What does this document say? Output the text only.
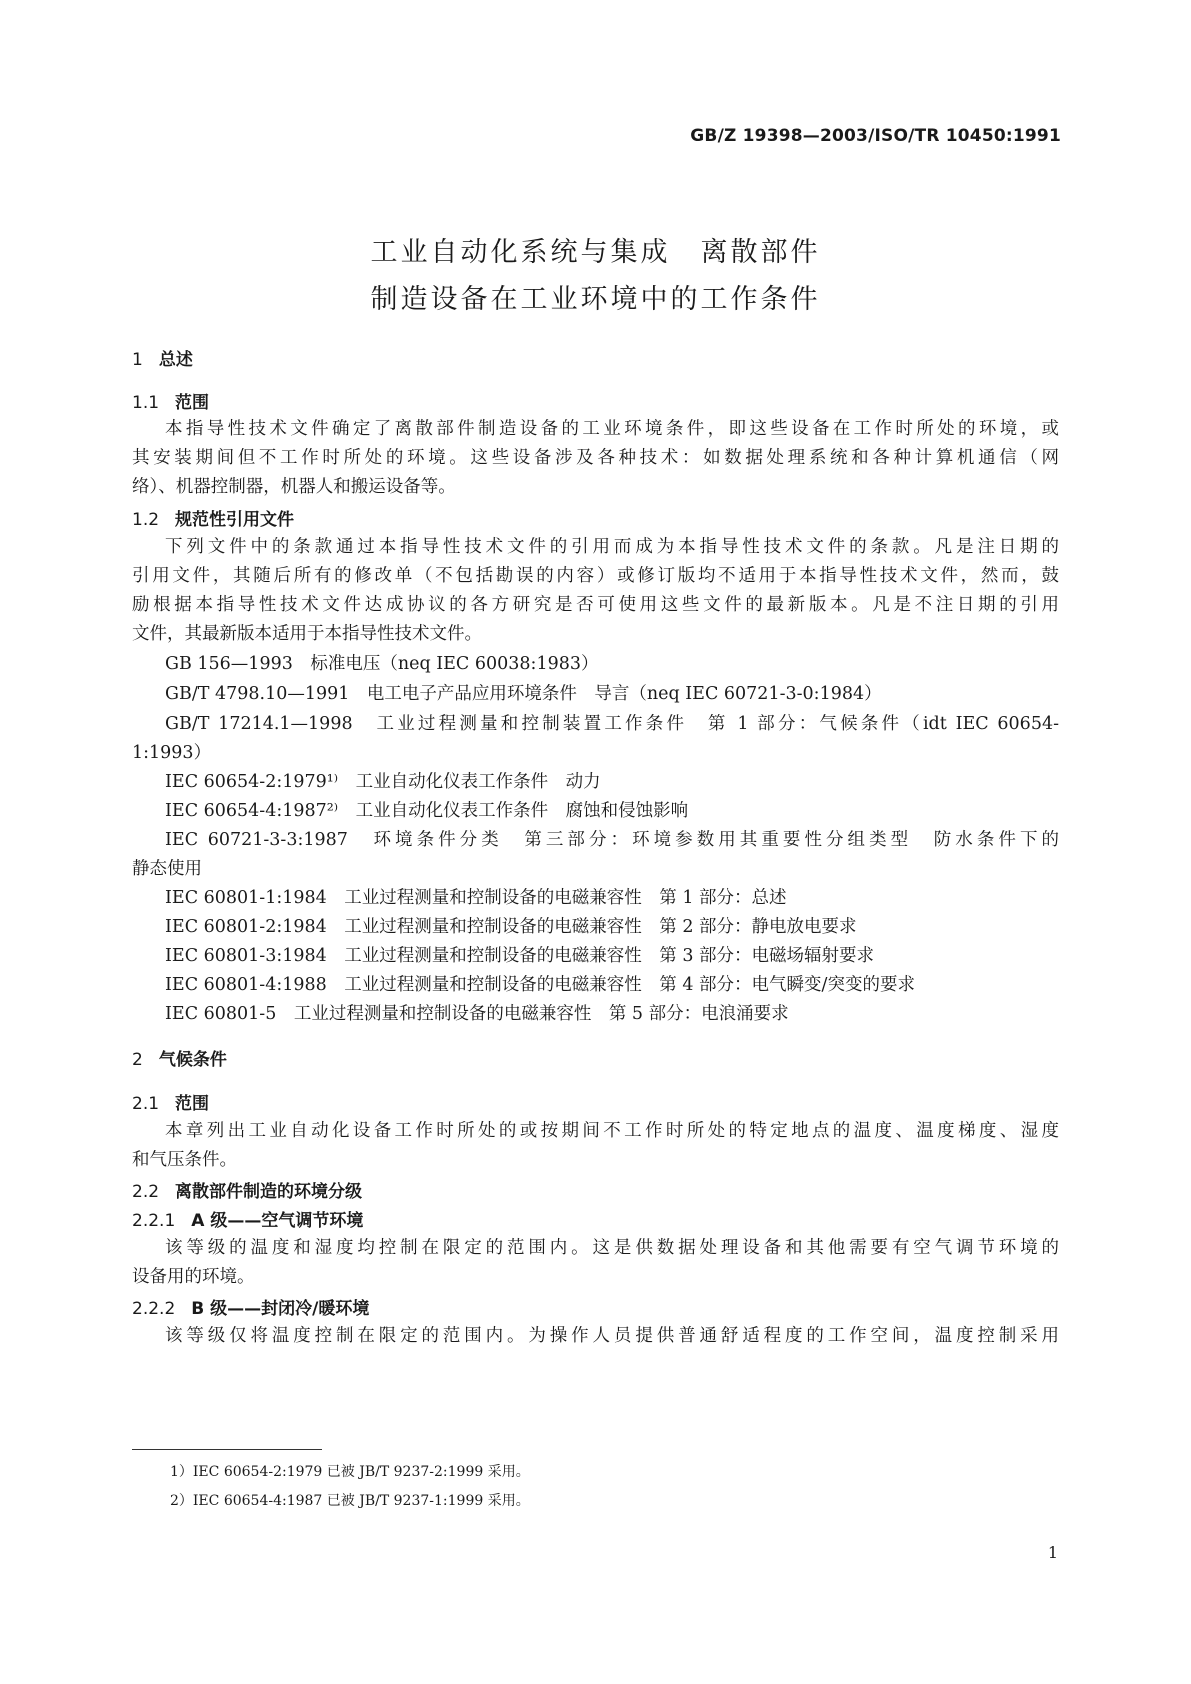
GB/Z 19398—2003/ISO/TR 10450:1991
工业自动化系统与集成　离散部件
制造设备在工业环境中的工作条件
1 总述
1.1 范围
本指导性技术文件确定了离散部件制造设备的工业环境条件，即这些设备在工作时所处的环境，或
其安装期间但不工作时所处的环境。这些设备涉及各种技术：如数据处理系统和各种计算机通信（网
络）、机器控制器，机器人和搬运设备等。
1.2 规范性引用文件
下列文件中的条款通过本指导性技术文件的引用而成为本指导性技术文件的条款。凡是注日期的
引用文件，其随后所有的修改单（不包括勘误的内容）或修订版均不适用于本指导性技术文件，然而，鼓
励根据本指导性技术文件达成协议的各方研究是否可使用这些文件的最新版本。凡是不注日期的引用
文件，其最新版本适用于本指导性技术文件。
GB 156—1993　标准电压（neq IEC 60038:1983）
GB/T 4798.10—1991　电工电子产品应用环境条件　导言（neq IEC 60721-3-0:1984）
GB/T 17214.1—1998　工业过程测量和控制装置工作条件　第 1 部分：气候条件（idt IEC 60654-
1:1993）
IEC 60654-2:1979¹⁾　工业自动化仪表工作条件　动力
IEC 60654-4:1987²⁾　工业自动化仪表工作条件　腐蚀和侵蚀影响
IEC 60721-3-3:1987　环境条件分类　第三部分：环境参数用其重要性分组类型　防水条件下的
静态使用
IEC 60801-1:1984　工业过程测量和控制设备的电磁兼容性　第 1 部分：总述
IEC 60801-2:1984　工业过程测量和控制设备的电磁兼容性　第 2 部分：静电放电要求
IEC 60801-3:1984　工业过程测量和控制设备的电磁兼容性　第 3 部分：电磁场辐射要求
IEC 60801-4:1988　工业过程测量和控制设备的电磁兼容性　第 4 部分：电气瞬变/突变的要求
IEC 60801-5　工业过程测量和控制设备的电磁兼容性　第 5 部分：电浪涌要求
2 气候条件
2.1 范围
本章列出工业自动化设备工作时所处的或按期间不工作时所处的特定地点的温度、温度梯度、湿度
和气压条件。
2.2 离散部件制造的环境分级
2.2.1 A 级——空气调节环境
该等级的温度和湿度均控制在限定的范围内。这是供数据处理设备和其他需要有空气调节环境的
设备用的环境。
2.2.2 B 级——封闭冷/暖环境
该等级仅将温度控制在限定的范围内。为操作人员提供普通舒适程度的工作空间，温度控制采用
1）IEC 60654-2:1979 已被 JB/T 9237-2:1999 采用。
2）IEC 60654-4:1987 已被 JB/T 9237-1:1999 采用。
1
